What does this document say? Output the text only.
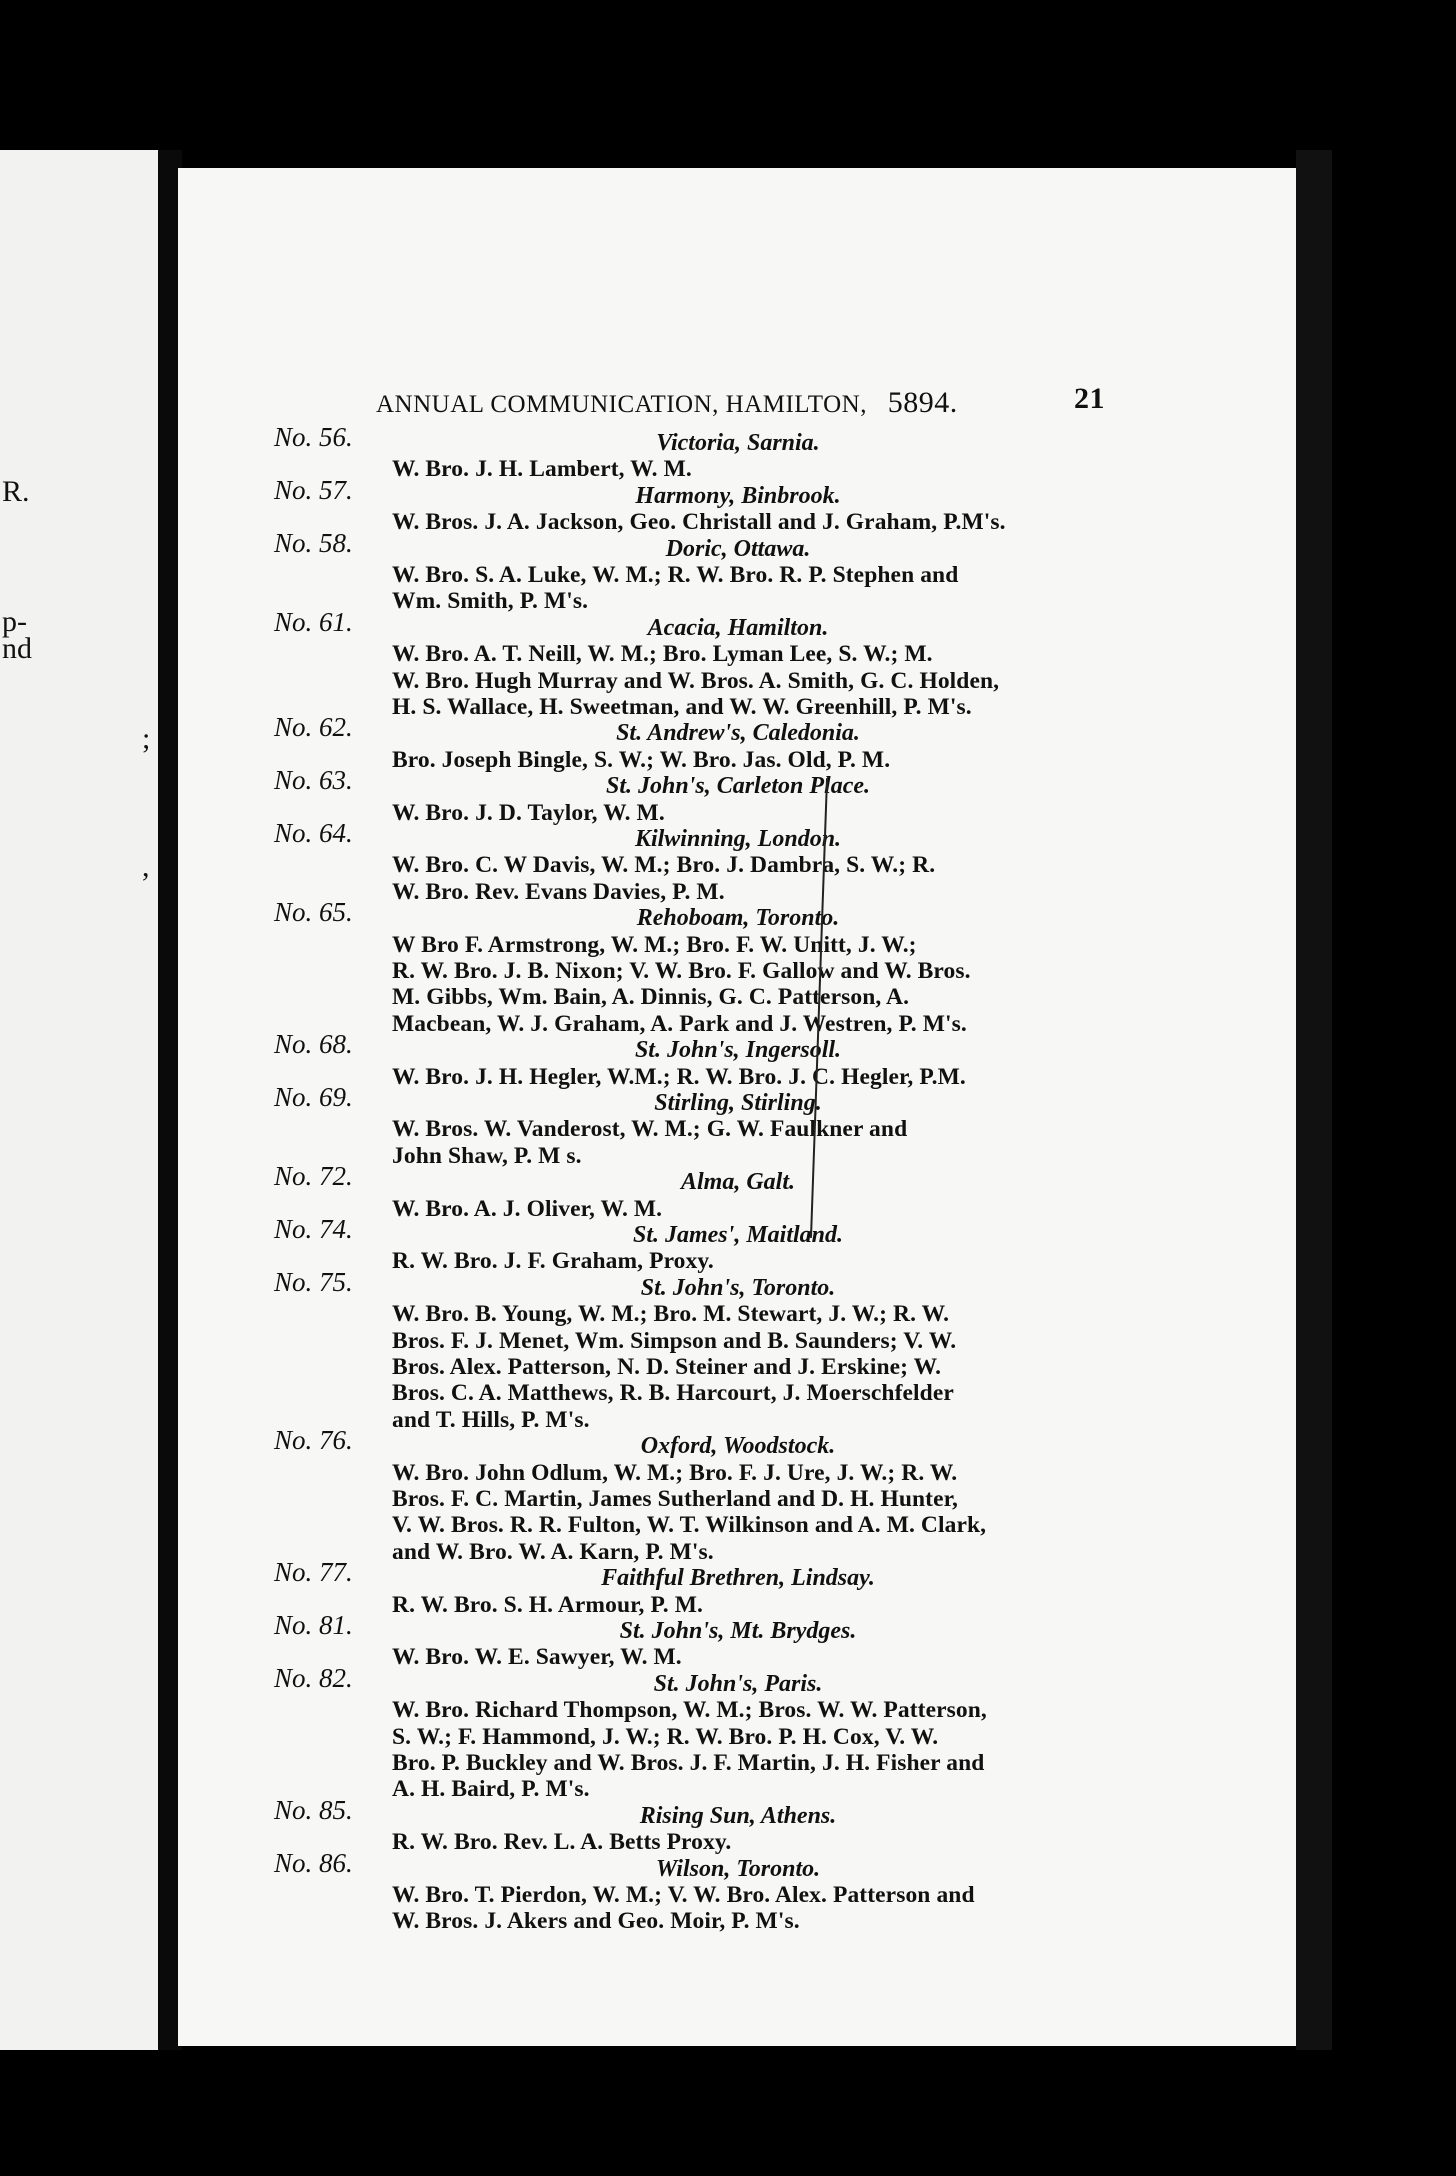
R.
p-
nd
;
,
ANNUAL COMMUNICATION, HAMILTON, 5894.	21
No. 56.	Victoria, Sarnia.
W. Bro. J. H. Lambert, W. M.
No. 57.	Harmony, Binbrook.
W. Bros. J. A. Jackson, Geo. Christall and J. Graham, P.M's.
No. 58.	Doric, Ottawa.
W. Bro. S. A. Luke, W. M.; R. W. Bro. R. P. Stephen and
Wm. Smith, P. M's.
No. 61.	Acacia, Hamilton.
W. Bro. A. T. Neill, W. M.; Bro. Lyman Lee, S. W.; M.
W. Bro. Hugh Murray and W. Bros. A. Smith, G. C. Holden,
H. S. Wallace, H. Sweetman, and W. W. Greenhill, P. M's.
No. 62.	St. Andrew's, Caledonia.
Bro. Joseph Bingle, S. W.; W. Bro. Jas. Old, P. M.
No. 63.	St. John's, Carleton Place.
W. Bro. J. D. Taylor, W. M.
No. 64.	Kilwinning, London.
W. Bro. C. W Davis, W. M.; Bro. J. Dambra, S. W.; R.
W. Bro. Rev. Evans Davies, P. M.
No. 65.	Rehoboam, Toronto.
W Bro F. Armstrong, W. M.; Bro. F. W. Unitt, J. W.;
R. W. Bro. J. B. Nixon; V. W. Bro. F. Gallow and W. Bros.
M. Gibbs, Wm. Bain, A. Dinnis, G. C. Patterson, A.
Macbean, W. J. Graham, A. Park and J. Westren, P. M's.
No. 68.	St. John's, Ingersoll.
W. Bro. J. H. Hegler, W.M.; R. W. Bro. J. C. Hegler, P.M.
No. 69.	Stirling, Stirling.
W. Bros. W. Vanderost, W. M.; G. W. Faulkner and
John Shaw, P. M s.
No. 72.	Alma, Galt.
W. Bro. A. J. Oliver, W. M.
No. 74.	St. James', Maitland.
R. W. Bro. J. F. Graham, Proxy.
No. 75.	St. John's, Toronto.
W. Bro. B. Young, W. M.; Bro. M. Stewart, J. W.; R. W.
Bros. F. J. Menet, Wm. Simpson and B. Saunders; V. W.
Bros. Alex. Patterson, N. D. Steiner and J. Erskine; W.
Bros. C. A. Matthews, R. B. Harcourt, J. Moerschfelder
and T. Hills, P. M's.
No. 76.	Oxford, Woodstock.
W. Bro. John Odlum, W. M.; Bro. F. J. Ure, J. W.; R. W.
Bros. F. C. Martin, James Sutherland and D. H. Hunter,
V. W. Bros. R. R. Fulton, W. T. Wilkinson and A. M. Clark,
and W. Bro. W. A. Karn, P. M's.
No. 77.	Faithful Brethren, Lindsay.
R. W. Bro. S. H. Armour, P. M.
No. 81.	St. John's, Mt. Brydges.
W. Bro. W. E. Sawyer, W. M.
No. 82.	St. John's, Paris.
W. Bro. Richard Thompson, W. M.; Bros. W. W. Patterson,
S. W.; F. Hammond, J. W.; R. W. Bro. P. H. Cox, V. W.
Bro. P. Buckley and W. Bros. J. F. Martin, J. H. Fisher and
A. H. Baird, P. M's.
No. 85.	Rising Sun, Athens.
R. W. Bro. Rev. L. A. Betts Proxy.
No. 86.	Wilson, Toronto.
W. Bro. T. Pierdon, W. M.; V. W. Bro. Alex. Patterson and
W. Bros. J. Akers and Geo. Moir, P. M's.
